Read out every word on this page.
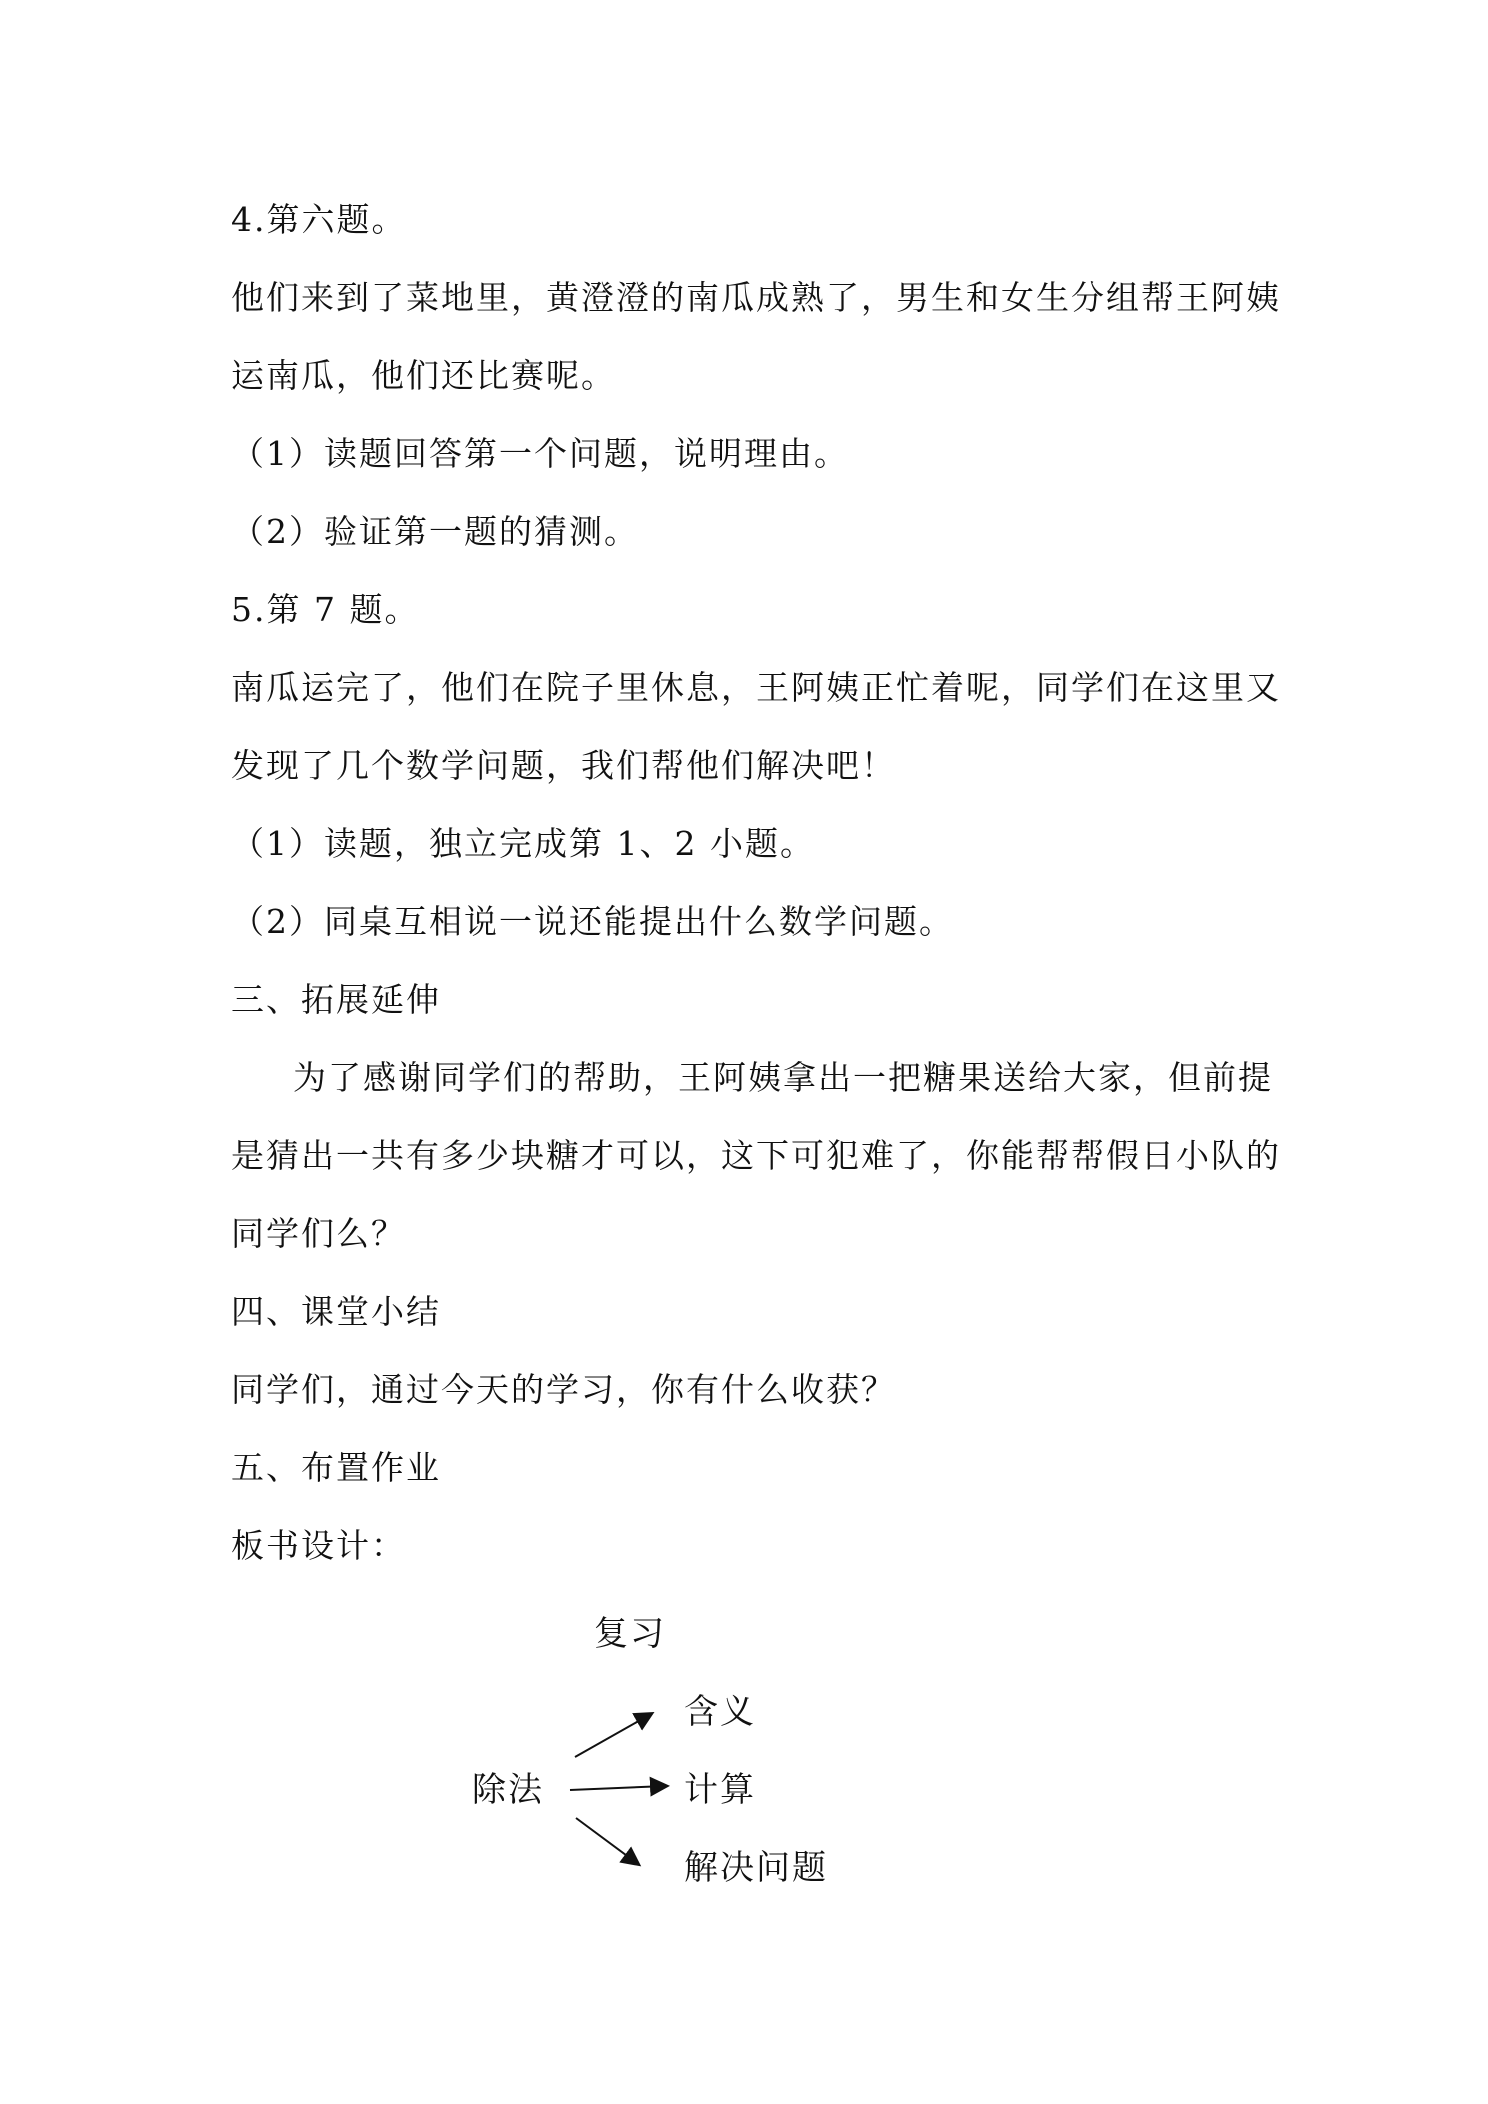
4.第六题。

他们来到了菜地里，黄澄澄的南瓜成熟了，男生和女生分组帮王阿姨

运南瓜，他们还比赛呢。

（1）读题回答第一个问题，说明理由。

（2）验证第一题的猜测。

5.第 7 题。

南瓜运完了，他们在院子里休息，王阿姨正忙着呢，同学们在这里又

发现了几个数学问题，我们帮他们解决吧！

（1）读题，独立完成第 1、2 小题。

（2）同桌互相说一说还能提出什么数学问题。

三、拓展延伸

为了感谢同学们的帮助，王阿姨拿出一把糖果送给大家，但前提

是猜出一共有多少块糖才可以，这下可犯难了，你能帮帮假日小队的

同学们么？

四、课堂小结

同学们，通过今天的学习，你有什么收获？

五、布置作业

板书设计：

复习
除法
含义
计算
解决问题
